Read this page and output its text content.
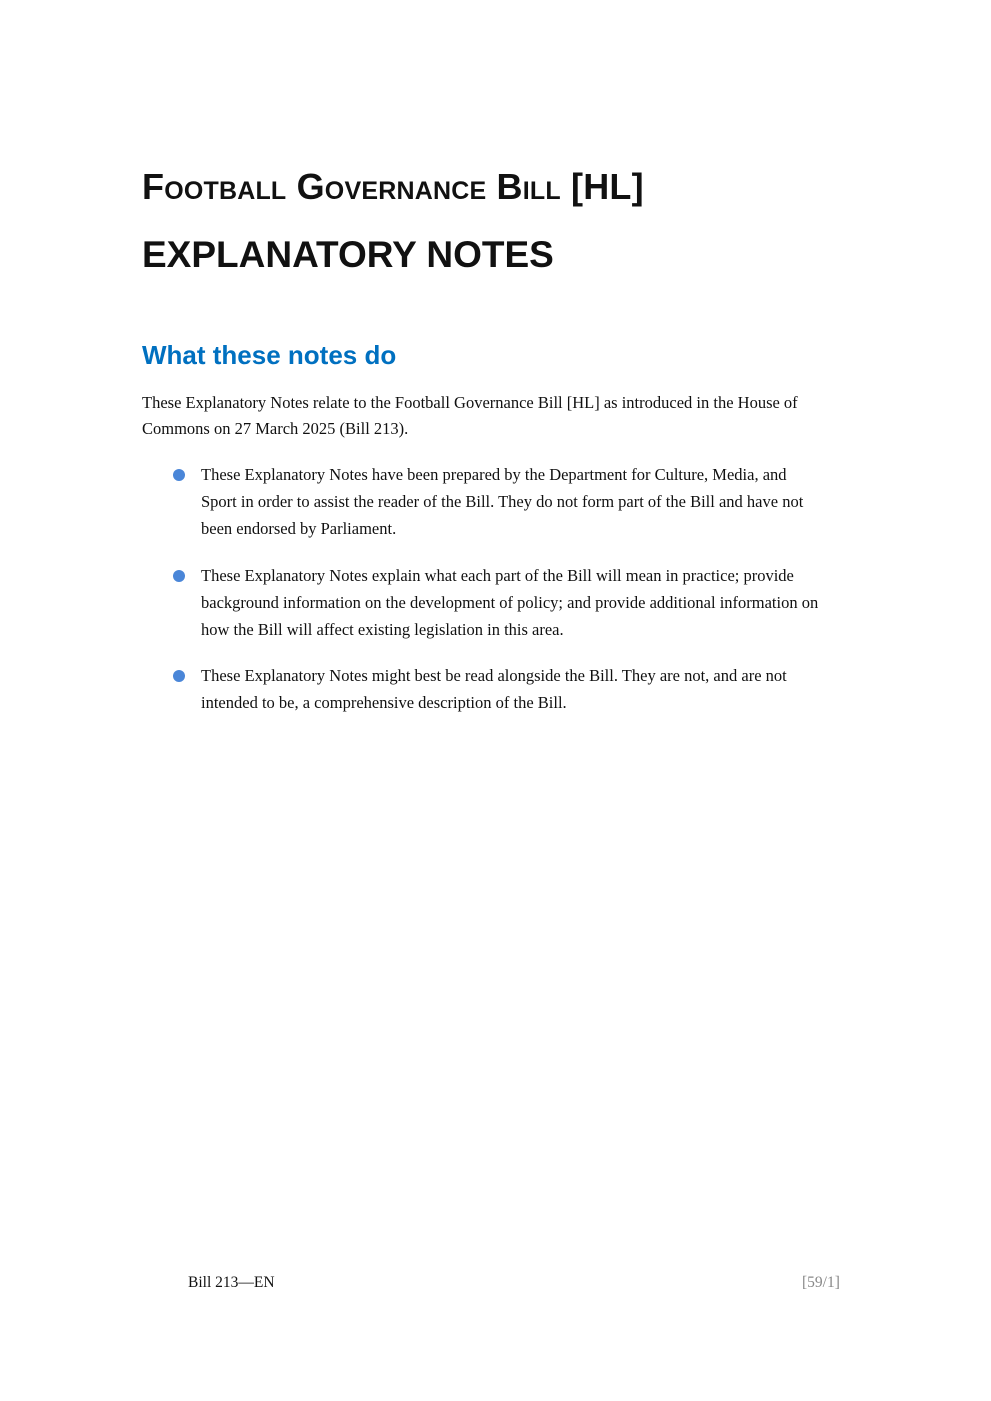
Football Governance Bill [HL]
EXPLANATORY NOTES
What these notes do
These Explanatory Notes relate to the Football Governance Bill [HL] as introduced in the House of
Commons on 27 March 2025 (Bill 213).
These Explanatory Notes have been prepared by the Department for Culture, Media, and
Sport in order to assist the reader of the Bill. They do not form part of the Bill and have not
been endorsed by Parliament.
These Explanatory Notes explain what each part of the Bill will mean in practice; provide
background information on the development of policy; and provide additional information on
how the Bill will affect existing legislation in this area.
These Explanatory Notes might best be read alongside the Bill. They are not, and are not
intended to be, a comprehensive description of the Bill.
Bill 213—EN	[59/1]
